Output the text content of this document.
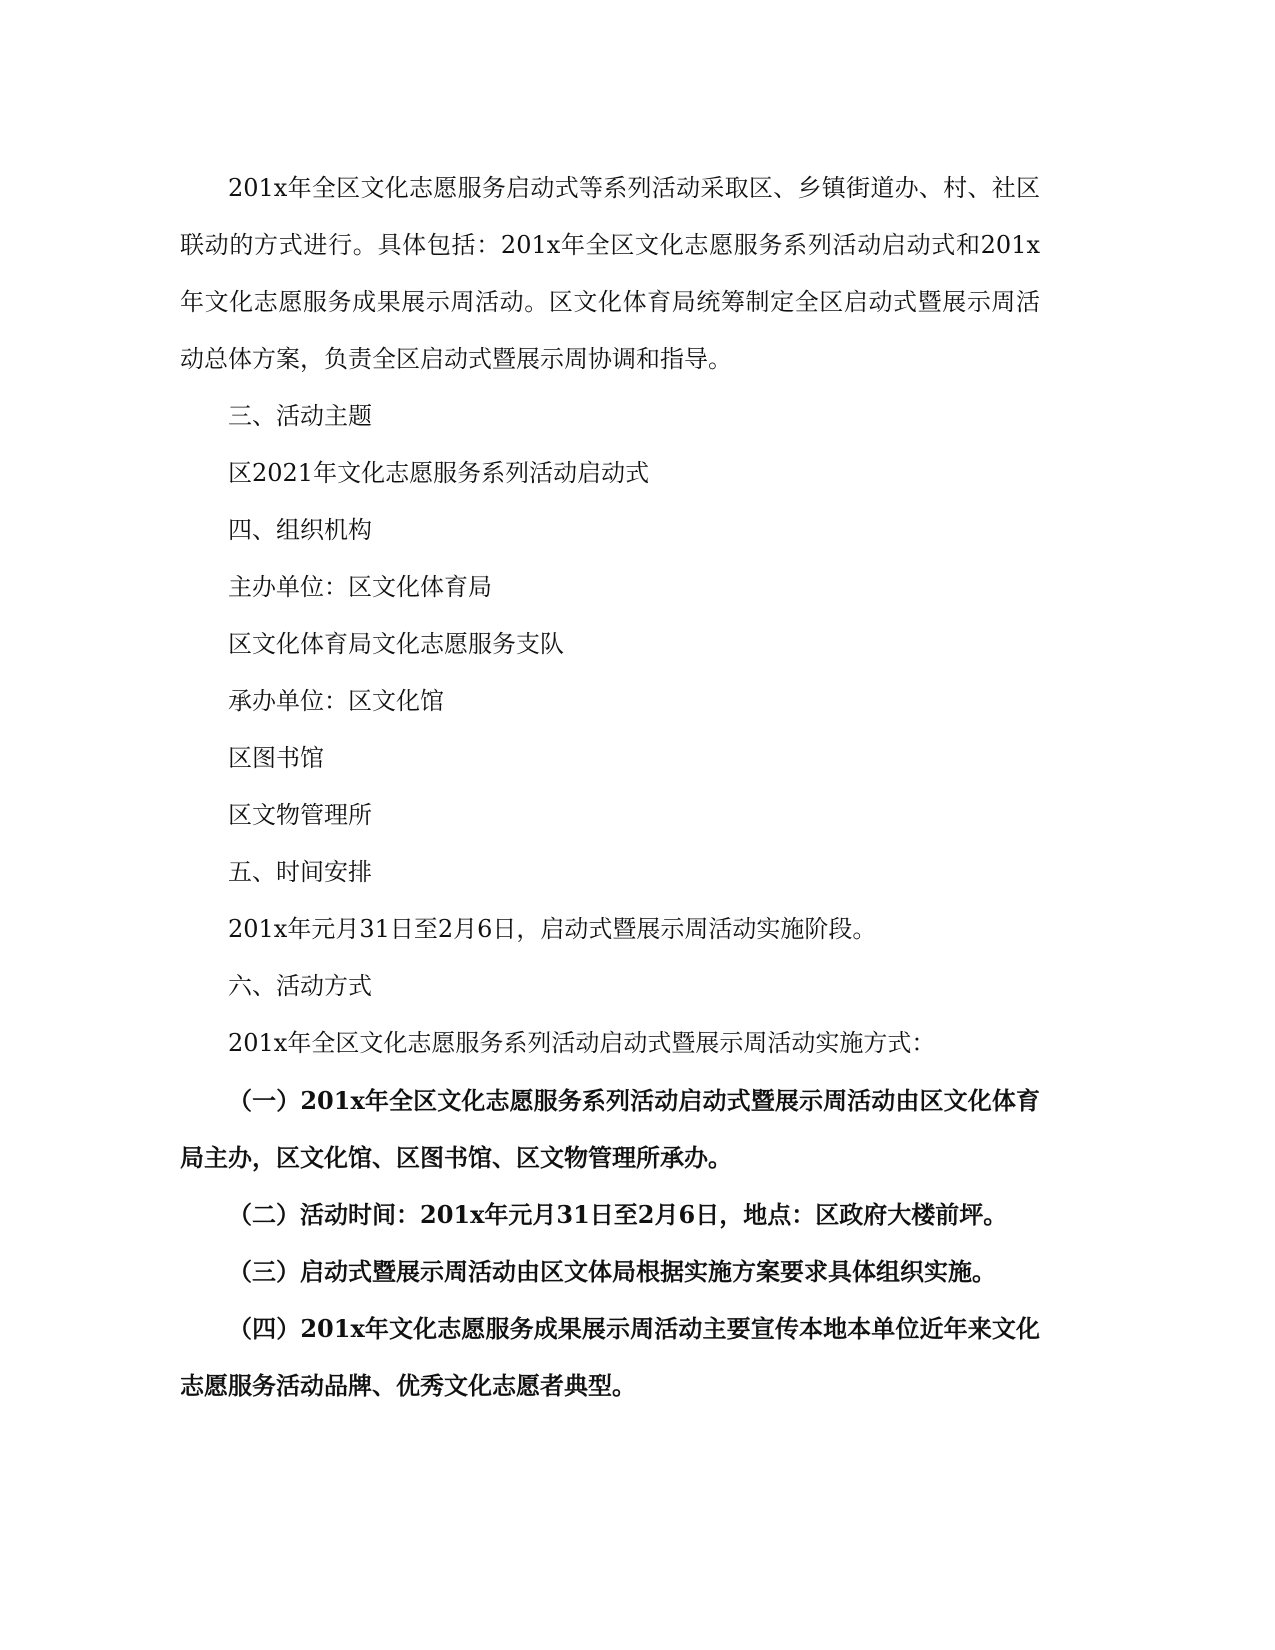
201x年全区文化志愿服务启动式等系列活动采取区、乡镇街道办、村、社区联动的方式进行。具体包括：201x年全区文化志愿服务系列活动启动式和201x年文化志愿服务成果展示周活动。区文化体育局统筹制定全区启动式暨展示周活动总体方案，负责全区启动式暨展示周协调和指导。

三、活动主题

区2021年文化志愿服务系列活动启动式

四、组织机构

主办单位：区文化体育局

区文化体育局文化志愿服务支队

承办单位：区文化馆

区图书馆

区文物管理所

五、时间安排

201x年元月31日至2月6日，启动式暨展示周活动实施阶段。

六、活动方式

201x年全区文化志愿服务系列活动启动式暨展示周活动实施方式：

（一）201x年全区文化志愿服务系列活动启动式暨展示周活动由区文化体育局主办，区文化馆、区图书馆、区文物管理所承办。

（二）活动时间：201x年元月31日至2月6日，地点：区政府大楼前坪。

（三）启动式暨展示周活动由区文体局根据实施方案要求具体组织实施。

（四）201x年文化志愿服务成果展示周活动主要宣传本地本单位近年来文化志愿服务活动品牌、优秀文化志愿者典型。
